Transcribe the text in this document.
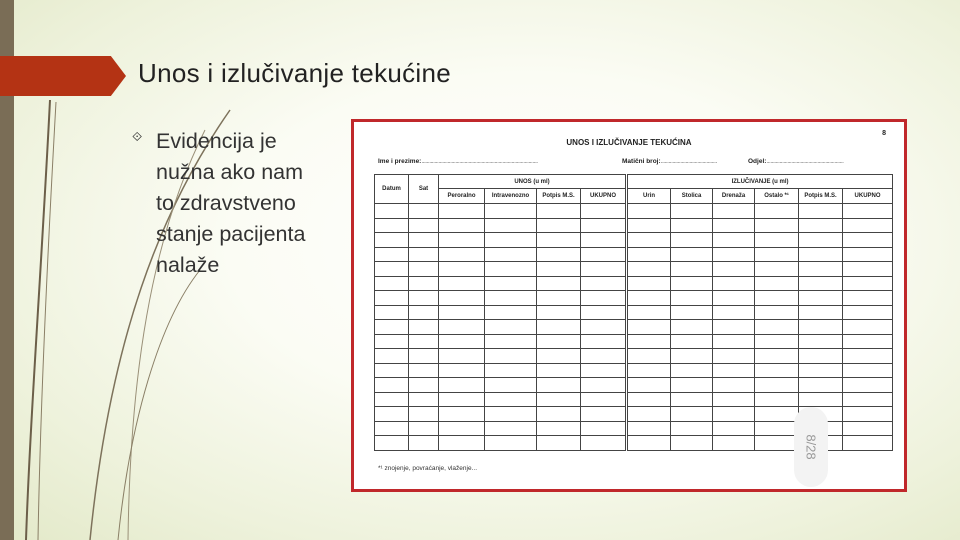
Unos i izlučivanje tekućine
⟐ Evidencija je nužna ako nam to zdravstveno stanje pacijenta nalaže
8
UNOS I IZLUČIVANJE TEKUĆINA
Ime i prezime:.........................................................................................	Matični broj:...........................................	Odjel:...........................................................
Datum	Sat	UNOS (u ml)				IZLUČIVANJE (u ml)					
		Peroralno	Intravenozno	Potpis M.S.	UKUPNO	Urin	Stolica	Drenaža	Ostalo *¹	Potpis M.S.	UKUPNO

*¹ znojenje, povraćanje, vlaženje...
8/28
